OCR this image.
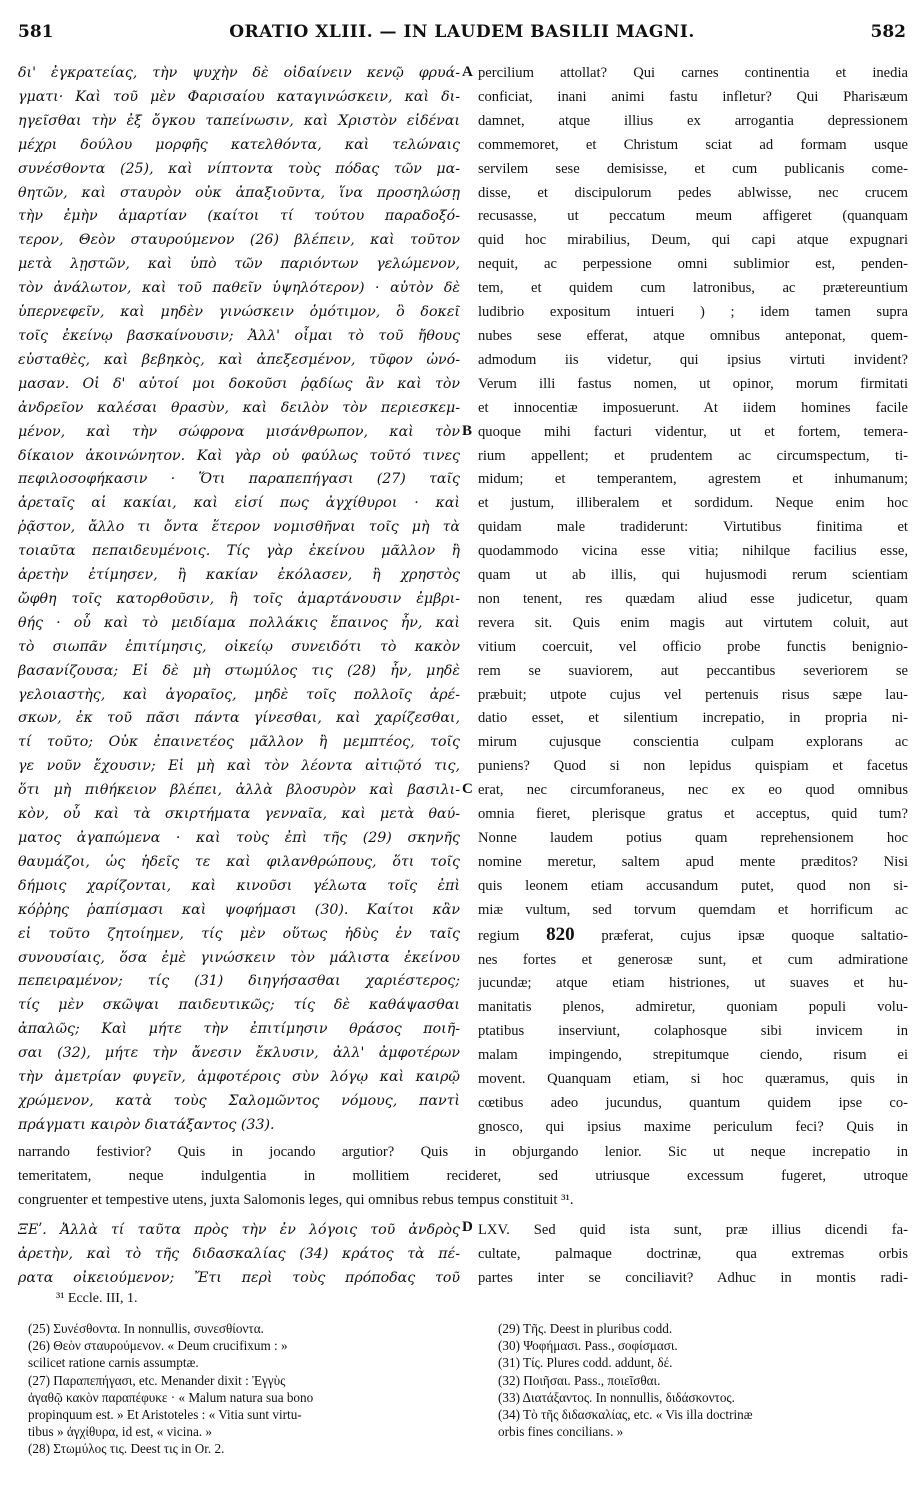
581	ORATIO XLIII. — IN LAUDEM BASILII MAGNI.	582
δι' ἐγκρατείας, τὴν ψυχὴν δὲ οἰδαίνειν κενῷ φρυά-
γματι· Καὶ τοῦ μὲν Φαρισαίου καταγινώσκειν, καὶ δι-
ηγεῖσθαι τὴν ἐξ ὄγκου ταπείνωσιν, καὶ Χριστὸν εἰδέναι
μέχρι δούλου μορφῆς κατελθόντα, καὶ τελώναις
συνέσθοντα (25), καὶ νίπτοντα τοὺς πόδας τῶν μα-
θητῶν, καὶ σταυρὸν οὐκ ἀπαξιοῦντα, ἵνα προσηλώσῃ
τὴν ἐμὴν ἁμαρτίαν (καίτοι τί τούτου παραδοξό-
τερον, Θεὸν σταυρούμενον (26) βλέπειν, καὶ τοῦτον
μετὰ λῃστῶν, καὶ ὑπὸ τῶν παριόντων γελώμενον,
τὸν ἀνάλωτον, καὶ τοῦ παθεῖν ὑψηλότερον) · αὐτὸν δὲ
ὑπερνεφεῖν, καὶ μηδὲν γινώσκειν ὁμότιμον, ὃ δοκεῖ
τοῖς ἐκείνῳ βασκαίνουσιν; Ἀλλ' οἶμαι τὸ τοῦ ἤθους
εὐσταθὲς, καὶ βεβηκὸς, καὶ ἀπεξεσμένον, τῦφον ὠνό-
μασαν. Οἱ δ' αὐτοί μοι δοκοῦσι ῥᾳδίως ἂν καὶ τὸν
ἀνδρεῖον καλέσαι θρασὺν, καὶ δειλὸν τὸν περιεσκεμ-
μένον, καὶ τὴν σώφρονα μισάνθρωπον, καὶ τὸν
δίκαιον ἀκοινώνητον. Καὶ γὰρ οὐ φαύλως τοῦτό τινες
πεφιλοσοφήκασιν · Ὅτι παραπεπήγασι (27) ταῖς
ἀρεταῖς αἱ κακίαι, καὶ εἰσί πως ἀγχίθυροι · καὶ
ῥᾷστον, ἄλλο τι ὄντα ἕτερον νομισθῆναι τοῖς μὴ τὰ
τοιαῦτα πεπαιδευμένοις. Τίς γὰρ ἐκείνου μᾶλλον ἢ
ἀρετὴν ἐτίμησεν, ἢ κακίαν ἐκόλασεν, ἢ χρηστὸς
ὤφθη τοῖς κατορθοῦσιν, ἢ τοῖς ἁμαρτάνουσιν ἐμβρι-
θής · οὗ καὶ τὸ μειδίαμα πολλάκις ἔπαινος ἦν, καὶ
τὸ σιωπᾶν ἐπιτίμησις, οἰκείῳ συνειδότι τὸ κακὸν
βασανίζουσα; Εἰ δὲ μὴ στωμύλος τις (28) ἦν, μηδὲ
γελοιαστὴς, καὶ ἀγοραῖος, μηδὲ τοῖς πολλοῖς ἀρέ-
σκων, ἐκ τοῦ πᾶσι πάντα γίνεσθαι, καὶ χαρίζεσθαι,
τί τοῦτο; Οὐκ ἐπαινετέος μᾶλλον ἢ μεμπτέος, τοῖς
γε νοῦν ἔχουσιν; Εἰ μὴ καὶ τὸν λέοντα αἰτιῷτό τις,
ὅτι μὴ πιθήκειον βλέπει, ἀλλὰ βλοσυρὸν καὶ βασιλι-
κὸν, οὗ καὶ τὰ σκιρτήματα γενναῖα, καὶ μετὰ θαύ-
ματος ἀγαπώμενα · καὶ τοὺς ἐπὶ τῆς (29) σκηνῆς
θαυμάζοι, ὡς ἡδεῖς τε καὶ φιλανθρώπους, ὅτι τοῖς
δήμοις χαρίζονται, καὶ κινοῦσι γέλωτα τοῖς ἐπὶ
κόῤῥης ῥαπίσμασι καὶ ψοφήμασι (30). Καίτοι κἂν
εἰ τοῦτο ζητοίημεν, τίς μὲν οὕτως ἡδὺς ἐν ταῖς
συνουσίαις, ὅσα ἐμὲ γινώσκειν τὸν μάλιστα ἐκείνου
πεπειραμένον; τίς (31) διηγήσασθαι χαριέστερος;
τίς μὲν σκῶψαι παιδευτικῶς; τίς δὲ καθάψασθαι
ἀπαλῶς; Καὶ μήτε τὴν ἐπιτίμησιν θράσος ποιῆ-
σαι (32), μήτε τὴν ἄνεσιν ἔκλυσιν, ἀλλ' ἀμφοτέρων
τὴν ἀμετρίαν φυγεῖν, ἀμφοτέροις σὺν λόγῳ καὶ καιρῷ
χρώμενον, κατὰ τοὺς Σαλομῶντος νόμους, παντὶ
πράγματι καιρὸν διατάξαντος (33).
percilium attollat? Qui carnes continentia et inedia
conficiat, inani animi fastu infletur? Qui Pharisæum
damnet, atque illius ex arrogantia depressionem
commemoret, et Christum sciat ad formam usque
servilem sese demisisse, et cum publicanis come-
disse, et discipulorum pedes ablwisse, nec crucem
recusasse, ut peccatum meum affigeret (quanquam
quid hoc mirabilius, Deum, qui capi atque expugnari
nequit, ac perpessione omni sublimior est, penden-
tem, et quidem cum latronibus, ac prætereuntium
ludibrio expositum intueri ) ; idem tamen supra
nubes sese efferat, atque omnibus anteponat, quem-
admodum iis videtur, qui ipsius virtuti invident?
Verum illi fastus nomen, ut opinor, morum firmitati
et innocentiæ imposuerunt. At iidem homines facile
quoque mihi facturi videntur, ut et fortem, temera-
rium appellent; et prudentem ac circumspectum, ti-
midum; et temperantem, agrestem et inhumanum;
et justum, illiberalem et sordidum. Neque enim hoc
quidam male tradiderunt: Virtutibus finitima et
quodammodo vicina esse vitia; nihilque facilius esse,
quam ut ab illis, qui hujusmodi rerum scientiam
non tenent, res quædam aliud esse judicetur, quam
revera sit. Quis enim magis aut virtutem coluit, aut
vitium coercuit, vel officio probe functis benignio-
rem se suaviorem, aut peccantibus severiorem se
præbuit; utpote cujus vel pertenuis risus sæpe lau-
datio esset, et silentium increpatio, in propria ni-
mirum cujusque conscientia culpam explorans ac
puniens? Quod si non lepidus quispiam et facetus
erat, nec circumforaneus, nec ex eo quod omnibus
omnia fieret, plerisque gratus et acceptus, quid tum?
Nonne laudem potius quam reprehensionem hoc
nomine meretur, saltem apud mente præditos? Nisi
quis leonem etiam accusandum putet, quod non si-
miæ vultum, sed torvum quemdam et horrificum ac
regium 820 præferat, cujus ipsæ quoque saltatio-
nes fortes et generosæ sunt, et cum admiratione
jucundæ; atque etiam histriones, ut suaves et hu-
manitatis plenos, admiretur, quoniam populi volu-
ptatibus inserviunt, colaphosque sibi invicem in
malam impingendo, strepitumque ciendo, risum ei
movent. Quanquam etiam, si hoc quæramus, quis in
cœtibus adeo jucundus, quantum quidem ipse co-
gnosco, qui ipsius maxime periculum feci? Quis in
A
B
C
D
narrando festivior? Quis in jocando argutior? Quis in objurgando lenior. Sic ut neque increpatio in
temeritatem, neque indulgentia in mollitiem recideret, sed utriusque excessum fugeret, utroque
congruenter et tempestive utens, juxta Salomonis leges, qui omnibus rebus tempus constituit ³¹.
ΞΕʹ. Ἀλλὰ τί ταῦτα πρὸς τὴν ἐν λόγοις τοῦ ἀνδρὸς
ἀρετὴν, καὶ τὸ τῆς διδασκαλίας (34) κράτος τὰ πέ-
ρατα οἰκειούμενον; Ἔτι περὶ τοὺς πρόποδας τοῦ
LXV. Sed quid ista sunt, præ illius dicendi fa-
cultate, palmaque doctrinæ, qua extremas orbis
partes inter se conciliavit? Adhuc in montis radi-
³¹ Eccle. III, 1.
(25) Συνέσθοντα. In nonnullis, συνεσθίοντα.
(26) Θεὸν σταυρούμενον. « Deum crucifixum : »
scilicet ratione carnis assumptæ.
(27) Παραπεπήγασι, etc. Menander dixit : Ἐγγὺς
ἀγαθῷ κακὸν παραπέφυκε · « Malum natura sua bono
propinquum est. » Et Aristoteles : « Vitia sunt virtu-
tibus » ἀγχίθυρα, id est, « vicina. »
(28) Στωμύλος τις. Deest τις in Or. 2.
(29) Τῆς. Deest in pluribus codd.
(30) Ψοφήμασι. Pass., σοφίσμασι.
(31) Τίς. Plures codd. addunt, δέ.
(32) Ποιῆσαι. Pass., ποιεῖσθαι.
(33) Διατάξαντος. In nonnullis, διδάσκοντος.
(34) Τὸ τῆς διδασκαλίας, etc. « Vis illa doctrinæ
orbis fines concilians. »
